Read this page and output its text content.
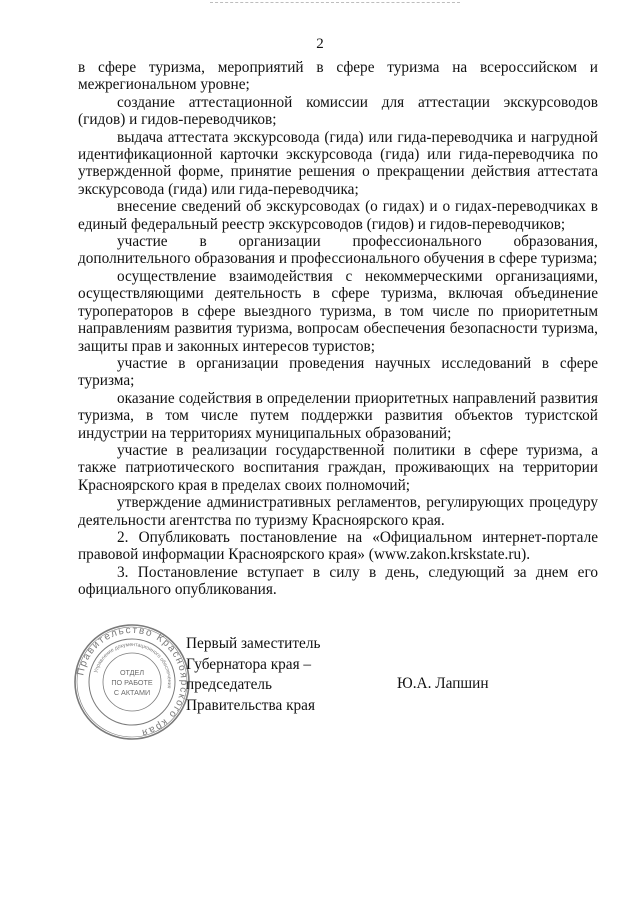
2

в сфере туризма, мероприятий в сфере туризма на всероссийском и межрегиональном уровне;

создание аттестационной комиссии для аттестации экскурсоводов (гидов) и гидов-переводчиков;

выдача аттестата экскурсовода (гида) или гида-переводчика и нагрудной идентификационной карточки экскурсовода (гида) или гида-переводчика по утвержденной форме, принятие решения о прекращении действия аттестата экскурсовода (гида) или гида-переводчика;

внесение сведений об экскурсоводах (о гидах) и о гидах-переводчиках в единый федеральный реестр экскурсоводов (гидов) и гидов-переводчиков;

участие в организации профессионального образования, дополнительного образования и профессионального обучения в сфере туризма;

осуществление взаимодействия с некоммерческими организациями, осуществляющими деятельность в сфере туризма, включая объединение туроператоров в сфере выездного туризма, в том числе по приоритетным направлениям развития туризма, вопросам обеспечения безопасности туризма, защиты прав и законных интересов туристов;

участие в организации проведения научных исследований в сфере туризма;

оказание содействия в определении приоритетных направлений развития туризма, в том числе путем поддержки развития объектов туристской индустрии на территориях муниципальных образований;

участие в реализации государственной политики в сфере туризма, а также патриотического воспитания граждан, проживающих на территории Красноярского края в пределах своих полномочий;

утверждение административных регламентов, регулирующих процедуру деятельности агентства по туризму Красноярского края.

2. Опубликовать постановление на «Официальном интернет-портале правовой информации Красноярского края» (www.zakon.krskstate.ru).

3. Постановление вступает в силу в день, следующий за днем его официального опубликования.

Правительство Красноярского края
Управление документационного обеспечения
ОТДЕЛ
ПО РАБОТЕ
С АКТАМИ
Первый заместитель
Губернатора края –
председатель
Правительства края
Ю.А. Лапшин
